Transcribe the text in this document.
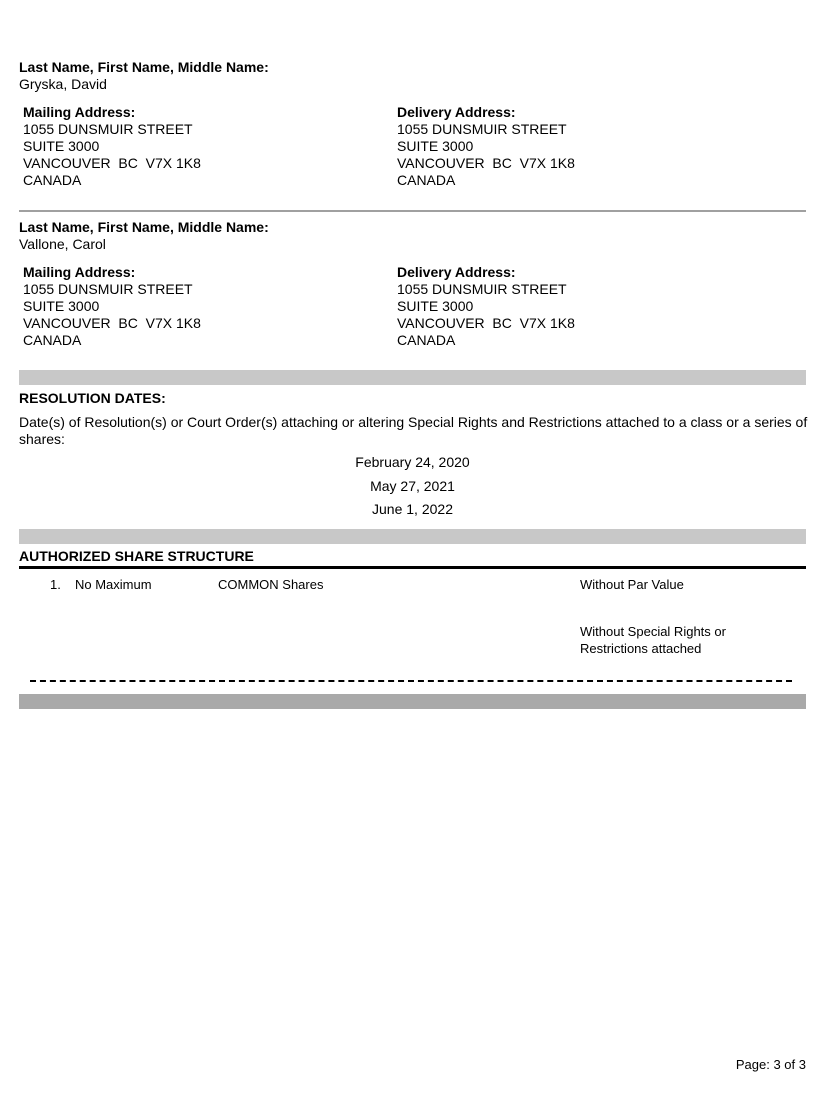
Last Name, First Name, Middle Name:
Gryska, David
Mailing Address:
1055 DUNSMUIR STREET
SUITE 3000
VANCOUVER  BC  V7X 1K8
CANADA
Delivery Address:
1055 DUNSMUIR STREET
SUITE 3000
VANCOUVER  BC  V7X 1K8
CANADA
Last Name, First Name, Middle Name:
Vallone, Carol
Mailing Address:
1055 DUNSMUIR STREET
SUITE 3000
VANCOUVER  BC  V7X 1K8
CANADA
Delivery Address:
1055 DUNSMUIR STREET
SUITE 3000
VANCOUVER  BC  V7X 1K8
CANADA
RESOLUTION DATES:
Date(s) of Resolution(s) or Court Order(s) attaching or altering Special Rights and Restrictions attached to a class or a series of shares:
February 24, 2020
May 27, 2021
June 1, 2022
AUTHORIZED SHARE STRUCTURE
1. No Maximum	COMMON Shares	Without Par Value
Without Special Rights or Restrictions attached
Page: 3 of 3
